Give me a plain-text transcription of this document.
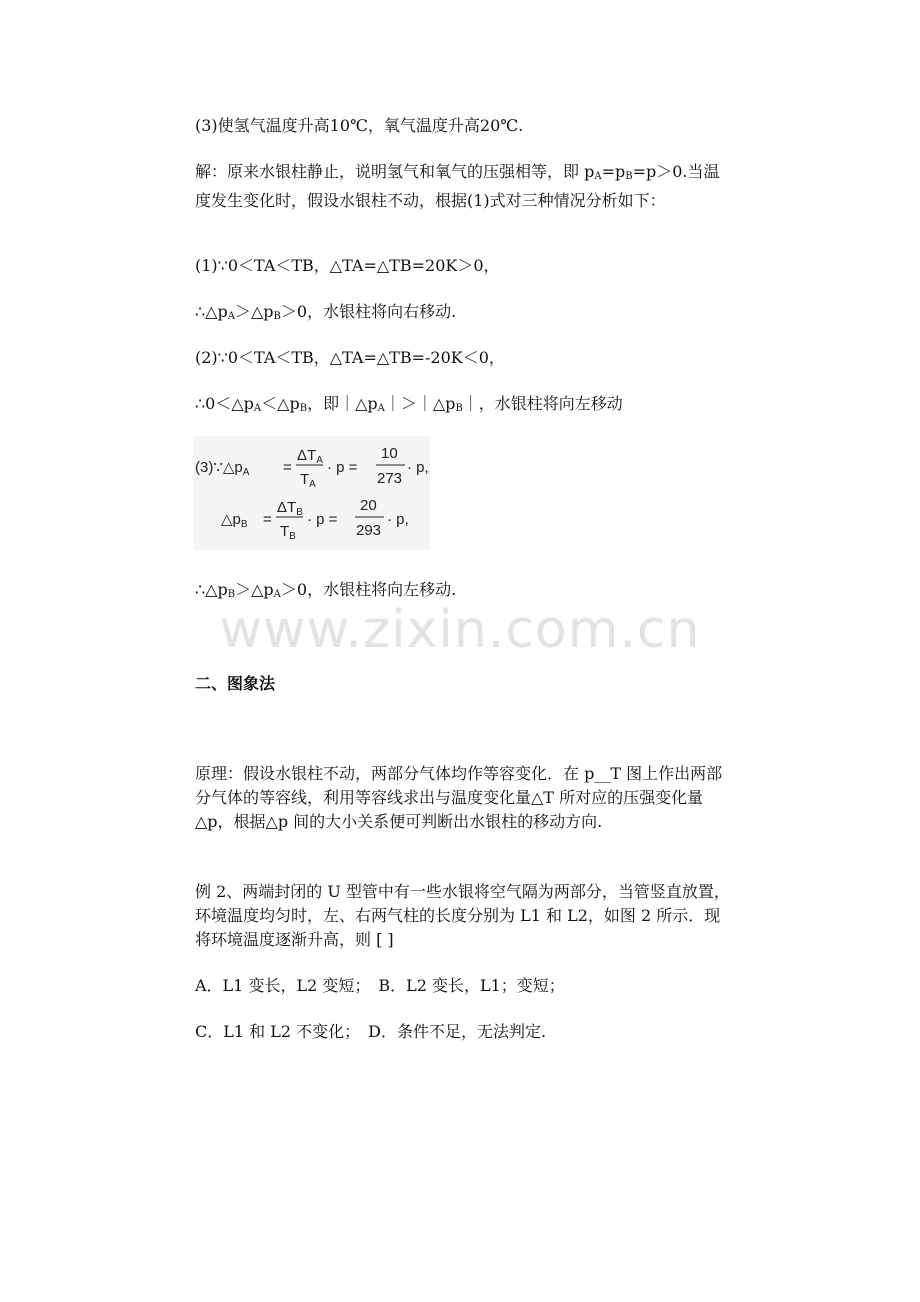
(3)使氢气温度升高10℃，氧气温度升高20℃.

解：原来水银柱静止，说明氢气和氧气的压强相等，即 $p_A=p_B=p>0$.当温度发生变化时，假设水银柱不动，根据(1)式对三种情况分析如下：

(1)∵0＜TA＜TB，△TA=△TB=20K＞0，

$\therefore\triangle p_A>\triangle p_B>0$，水银柱将向右移动.

(2)∵0＜TA＜TB，△TA=△TB=-20K＜0，

$\therefore 0<\triangle p_A<\triangle p_B$，即$|\triangle p_A|>|\triangle p_B|$，水银柱将向左移动

$(3)\because\triangle p_A$ =
$\Delta T_A$
$T_A$
· p =
10
273
· p,
$\triangle p_B$ =
$\Delta T_B$
$T_B$
· p =
20
293
· p,

$\therefore\triangle p_B>\triangle p_A>0$，水银柱将向左移动.

www.zixin.com.cn

二、图象法

原理：假设水银柱不动，两部分气体均作等容变化．在 p__T 图上作出两部分气体的等容线，利用等容线求出与温度变化量△T 所对应的压强变化量△p，根据△p 间的大小关系便可判断出水银柱的移动方向.

例 2、两端封闭的 U 型管中有一些水银将空气隔为两部分，当管竖直放置，环境温度均匀时，左、右两气柱的长度分别为 L1 和 L2，如图 2 所示．现将环境温度逐渐升高，则 [ ]

A．L1 变长，L2 变短；　B．L2 变长，L1；变短；

C．L1 和 L2 不变化；　D．条件不足，无法判定.
